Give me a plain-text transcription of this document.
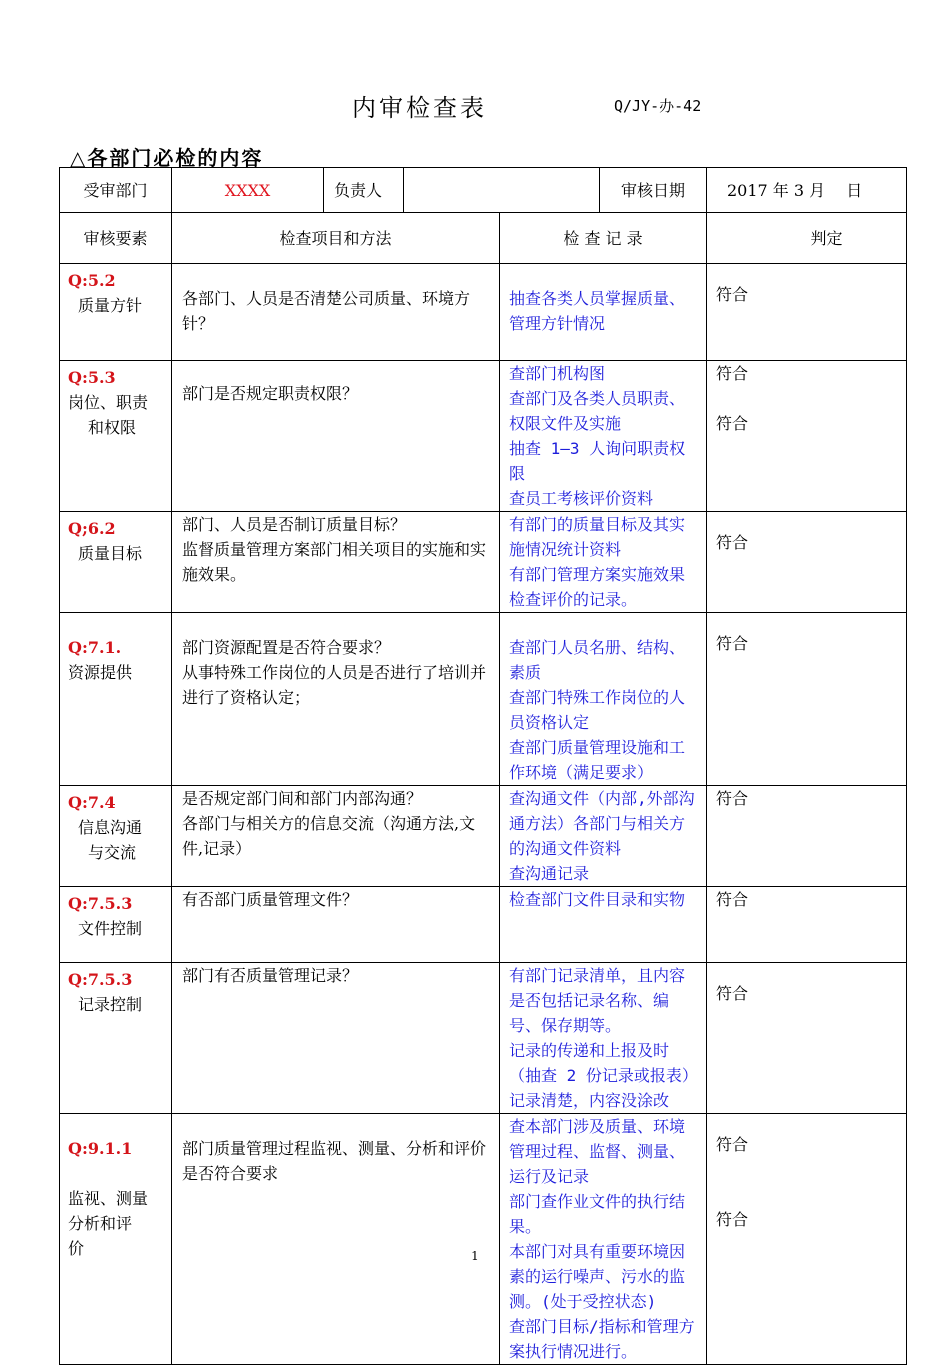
内审检查表	Q/JY-办-42
△各部门必检的内容
受审部门	XXXX	负责人			审核日期	2017 年 3 月　 日
审核要素	检查项目和方法			检 查 记 录		判定

Q:5.2
质量方针	各部门、人员是否清楚公司质量、环境方针？			抽查各类人员掌握质量、管理方针情况		符合

Q:5.3
岗位、职责
和权限	部门是否规定职责权限？			查部门机构图
查部门及各类人员职责、权限文件及实施
抽查 1—3 人询问职责权限
查员工考核评价资料		符合
符合

Q;6.2
质量目标	部门、人员是否制订质量目标？
监督质量管理方案部门相关项目的实施和实施效果。			有部门的质量目标及其实施情况统计资料
有部门管理方案实施效果检查评价的记录。		符合

Q:7.1.
资源提供	部门资源配置是否符合要求？
从事特殊工作岗位的人员是否进行了培训并进行了资格认定；			查部门人员名册、结构、素质
查部门特殊工作岗位的人员资格认定
查部门质量管理设施和工作环境（满足要求）		符合

Q:7.4
信息沟通
与交流	是否规定部门间和部门内部沟通？
各部门与相关方的信息交流（沟通方法,文件,记录）			查沟通文件（内部,外部沟通方法）各部门与相关方的沟通文件资料
查沟通记录		符合

Q:7.5.3
文件控制	有否部门质量管理文件？			检查部门文件目录和实物		符合

Q:7.5.3
记录控制	部门有否质量管理记录？			有部门记录清单，且内容是否包括记录名称、编号、保存期等。
记录的传递和上报及时（抽查 2 份记录或报表）
记录清楚，内容没涂改		符合

Q:9.1.1
监视、测量
分析和评
价	部门质量管理过程监视、测量、分析和评价是否符合要求			查本部门涉及质量、环境管理过程、监督、测量、运行及记录
部门查作业文件的执行结果。
本部门对具有重要环境因素的运行噪声、污水的监测。(处于受控状态)
查部门目标/指标和管理方案执行情况进行。		符合
符合
1
